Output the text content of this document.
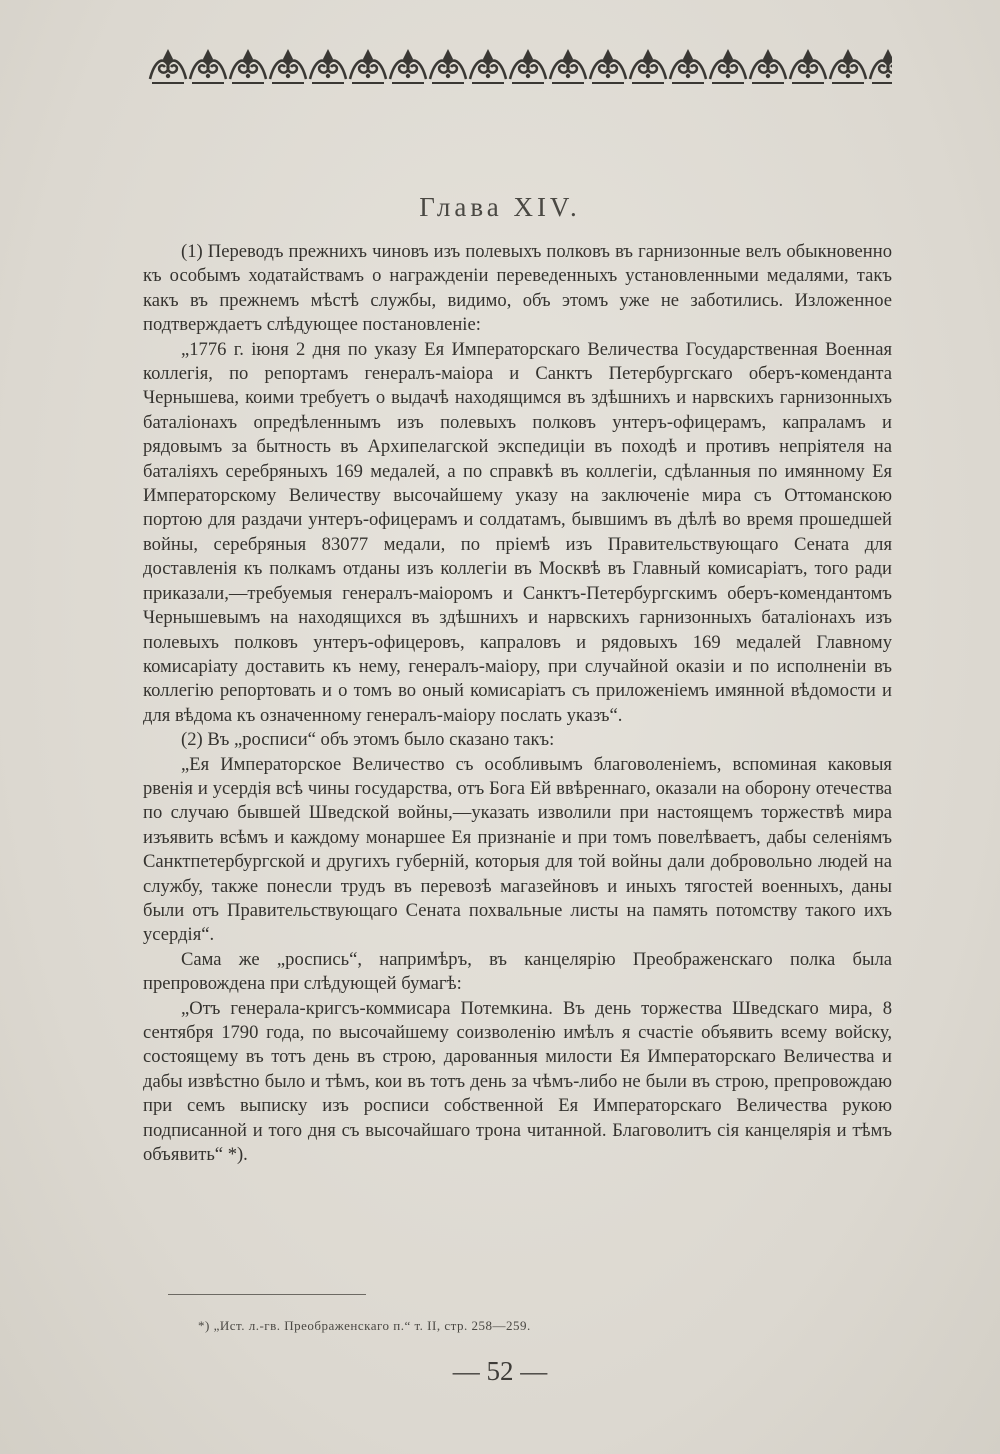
Глава XIV.

(1) Переводъ прежнихъ чиновъ изъ полевыхъ полковъ въ гарнизонные велъ обыкновенно къ особымъ ходатайствамъ о награжденіи переведенныхъ установленными медалями, такъ какъ въ прежнемъ мѣстѣ службы, видимо, объ этомъ уже не заботились. Изложенное подтверждаетъ слѣдующее постановленіе:

„1776 г. іюня 2 дня по указу Ея Императорскаго Величества Государственная Военная коллегія, по репортамъ генералъ-маіора и Санктъ Петербургскаго оберъ-коменданта Чернышева, коими требуетъ о выдачѣ находящимся въ здѣшнихъ и нарвскихъ гарнизонныхъ баталіонахъ опредѣленнымъ изъ полевыхъ полковъ унтеръ-офицерамъ, капраламъ и рядовымъ за бытность въ Архипелагской экспедиціи въ походѣ и противъ непріятеля на баталіяхъ серебряныхъ 169 медалей, а по справкѣ въ коллегіи, сдѣланныя по имянному Ея Императорскому Величеству высочайшему указу на заключеніе мира съ Оттоманскою портою для раздачи унтеръ-офицерамъ и солдатамъ, бывшимъ въ дѣлѣ во время прошедшей войны, серебряныя 83077 медали, по пріемѣ изъ Правительствующаго Сената для доставленія къ полкамъ отданы изъ коллегіи въ Москвѣ въ Главный комисаріатъ, того ради приказали,—требуемыя генералъ-маіоромъ и Санктъ-Петербургскимъ оберъ-комендантомъ Чернышевымъ на находящихся въ здѣшнихъ и нарвскихъ гарнизонныхъ баталіонахъ изъ полевыхъ полковъ унтеръ-офицеровъ, капраловъ и рядовыхъ 169 медалей Главному комисаріату доставить къ нему, генералъ-маіору, при случайной оказіи и по исполненіи въ коллегію репортовать и о томъ во оный комисаріатъ съ приложеніемъ имянной вѣдомости и для вѣдома къ означенному генералъ-маіору послать указъ“.

(2) Въ „росписи“ объ этомъ было сказано такъ:

„Ея Императорское Величество съ особливымъ благоволеніемъ, вспоминая каковыя рвенія и усердія всѣ чины государства, отъ Бога Ей ввѣреннаго, оказали на оборону отечества по случаю бывшей Шведской войны,—указать изволили при настоящемъ торжествѣ мира изъявить всѣмъ и каждому монаршее Ея признаніе и при томъ повелѣваетъ, дабы селеніямъ Санктпетербургской и другихъ губерній, которыя для той войны дали добровольно людей на службу, также понесли трудъ въ перевозѣ магазейновъ и иныхъ тягостей военныхъ, даны были отъ Правительствующаго Сената похвальные листы на память потомству такого ихъ усердія“.

Сама же „роспись“, напримѣръ, въ канцелярію Преображенскаго полка была препровождена при слѣдующей бумагѣ:

„Отъ генерала-кригсъ-коммисара Потемкина. Въ день торжества Шведскаго мира, 8 сентября 1790 года, по высочайшему соизволенію имѣлъ я счастіе объявить всему войску, состоящему въ тотъ день въ строю, дарованныя милости Ея Императорскаго Величества и дабы извѣстно было и тѣмъ, кои въ тотъ день за чѣмъ-либо не были въ строю, препровождаю при семъ выписку изъ росписи собственной Ея Императорскаго Величества рукою подписанной и того дня съ высочайшаго трона читанной. Благоволитъ сія канцелярія и тѣмъ объявить“ *).

*) „Ист. л.-гв. Преображенскаго п.“ т. II, стр. 258—259.
— 52 —
